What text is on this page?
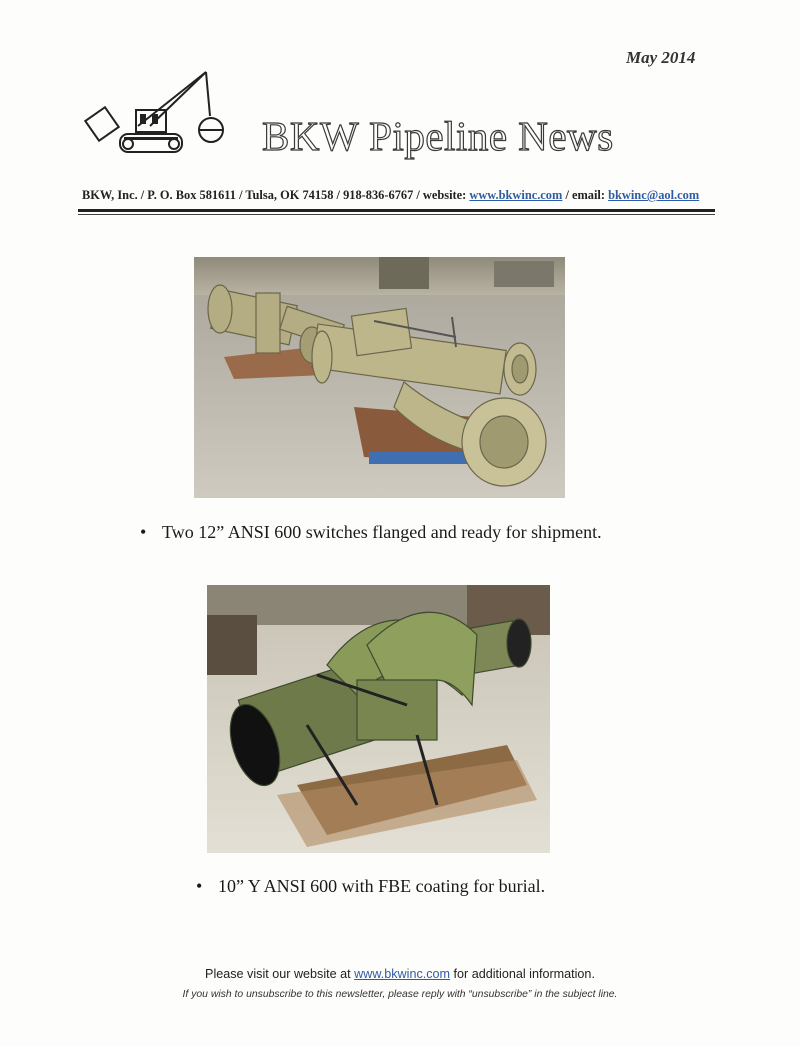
May 2014
BKW Pipeline News
BKW, Inc. / P. O. Box 581611 / Tulsa, OK 74158 / 918-836-6767 / website: www.bkwinc.com / email: bkwinc@aol.com
• Two 12” ANSI 600 switches flanged and ready for shipment.
• 10” Y ANSI 600 with FBE coating for burial.
Please visit our website at www.bkwinc.com for additional information.
If you wish to unsubscribe to this newsletter, please reply with “unsubscribe” in the subject line.
